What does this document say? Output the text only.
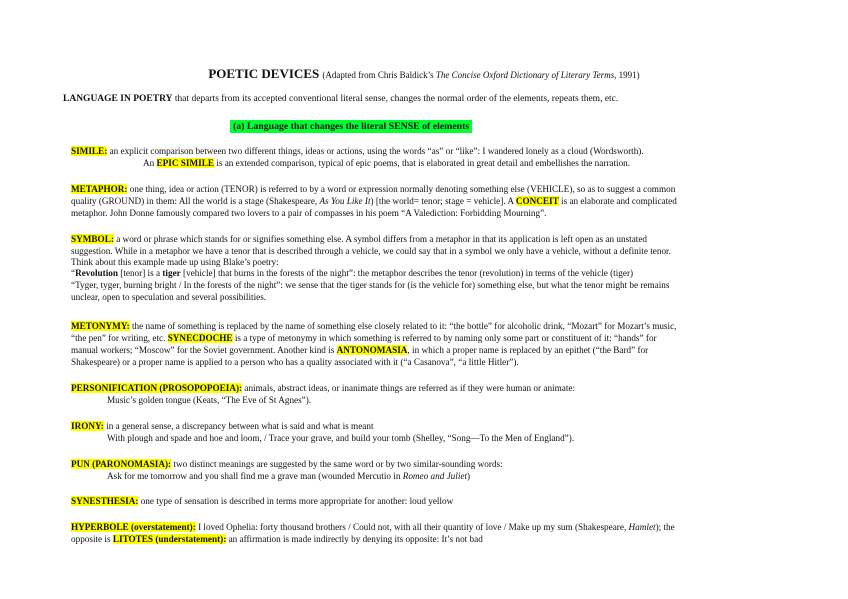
POETIC DEVICES (Adapted from Chris Baldick’s The Concise Oxford Dictionary of Literary Terms, 1991)
LANGUAGE IN POETRY that departs from its accepted conventional literal sense, changes the normal order of the elements, repeats them, etc.
(a) Language that changes the literal SENSE of elements
SIMILE: an explicit comparison between two different things, ideas or actions, using the words “as” or “like”: I wandered lonely as a cloud (Wordsworth).
An EPIC SIMILE is an extended comparison, typical of epic poems, that is elaborated in great detail and embellishes the narration.
METAPHOR: one thing, idea or action (TENOR) is referred to by a word or expression normally denoting something else (VEHICLE), so as to suggest a common
quality (GROUND) in them: All the world is a stage (Shakespeare, As You Like It) [the world= tenor; stage = vehicle]. A CONCEIT is an elaborate and complicated
metaphor. John Donne famously compared two lovers to a pair of compasses in his poem “A Valediction: Forbidding Mourning”.
SYMBOL: a word or phrase which stands for or signifies something else. A symbol differs from a metaphor in that its application is left open as an unstated
suggestion. While in a metaphor we have a tenor that is described through a vehicle, we could say that in a symbol we only have a vehicle, without a definite tenor.
Think about this example made up using Blake’s poetry:
“Revolution [tenor] is a tiger [vehicle] that burns in the forests of the night”: the metaphor describes the tenor (revolution) in terms of the vehicle (tiger)
“Tyger, tyger, burning bright / In the forests of the night”: we sense that the tiger stands for (is the vehicle for) something else, but what the tenor might be remains
unclear, open to speculation and several possibilities.
METONYMY: the name of something is replaced by the name of something else closely related to it: “the bottle” for alcoholic drink, “Mozart” for Mozart’s music,
“the pen” for writing, etc. SYNECDOCHE is a type of metonymy in which something is referred to by naming only some part or constituent of it: “hands” for
manual workers; “Moscow” for the Soviet government. Another kind is ANTONOMASIA, in which a proper name is replaced by an epithet (“the Bard” for
Shakespeare) or a proper name is applied to a person who has a quality associated with it (“a Casanova”, “a little Hitler”).
PERSONIFICATION (PROSOPOPOEIA): animals, abstract ideas, or inanimate things are referred as if they were human or animate:
Music’s golden tongue (Keats, “The Eve of St Agnes”).
IRONY: in a general sense, a discrepancy between what is said and what is meant
With plough and spade and hoe and loom, / Trace your grave, and build your tomb (Shelley, “Song—To the Men of England”).
PUN (PARONOMASIA): two distinct meanings are suggested by the same word or by two similar-sounding words:
Ask for me tomorrow and you shall find me a grave man (wounded Mercutio in Romeo and Juliet)
SYNESTHESIA: one type of sensation is described in terms more appropriate for another: loud yellow
HYPERBOLE (overstatement): I loved Ophelia: forty thousand brothers / Could not, with all their quantity of love / Make up my sum (Shakespeare, Hamlet); the
opposite is LITOTES (understatement): an affirmation is made indirectly by denying its opposite: It’s not bad
